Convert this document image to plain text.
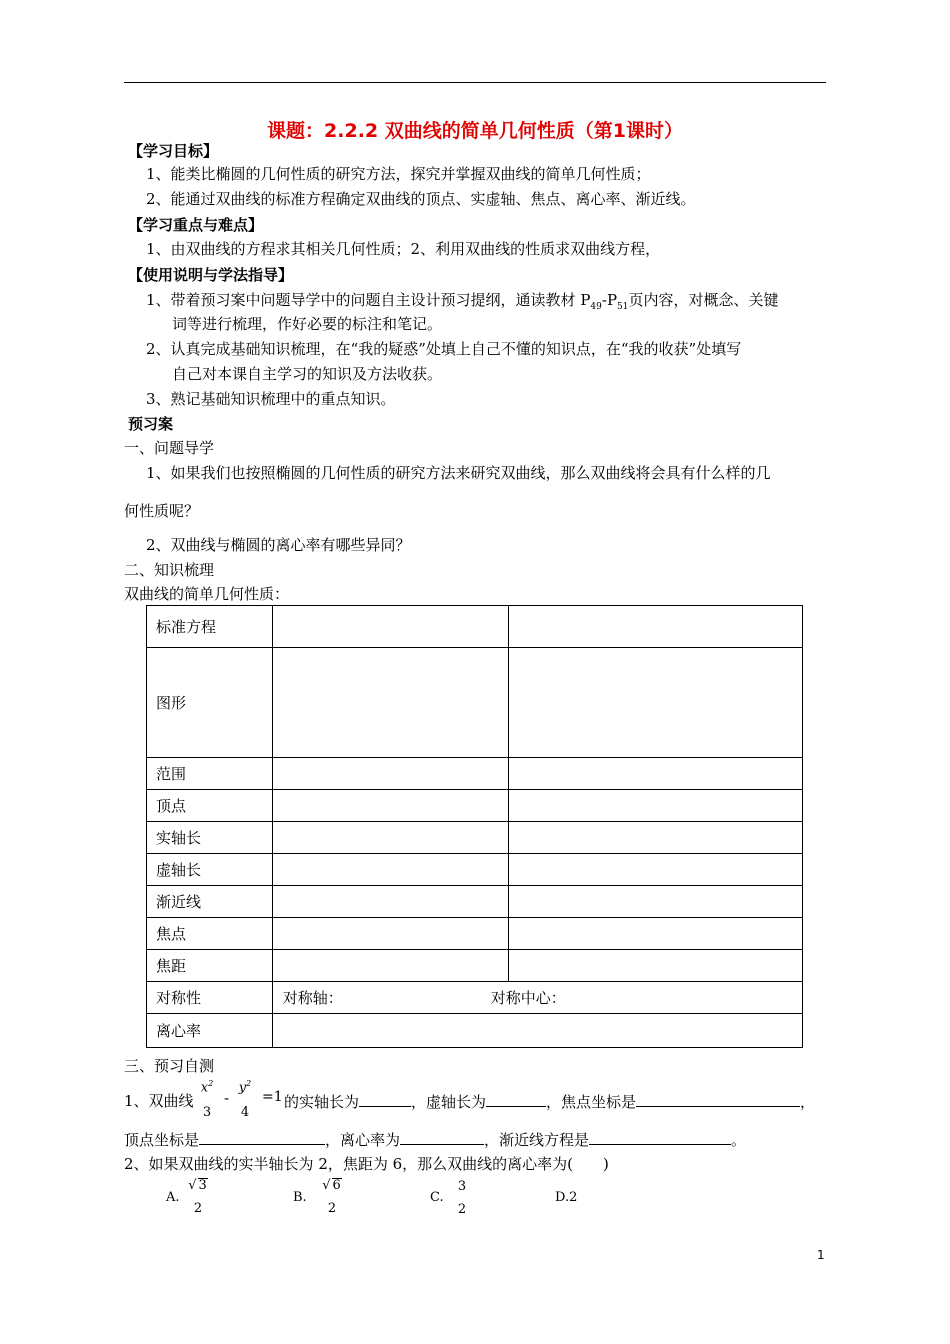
课题：2.2.2 双曲线的简单几何性质（第1课时）
【学习目标】
1、能类比椭圆的几何性质的研究方法，探究并掌握双曲线的简单几何性质；
2、能通过双曲线的标准方程确定双曲线的顶点、实虚轴、焦点、离心率、渐近线。
【学习重点与难点】
1、由双曲线的方程求其相关几何性质；2、利用双曲线的性质求双曲线方程，
【使用说明与学法指导】
1、带着预习案中问题导学中的问题自主设计预习提纲，通读教材 $P_{49}-P_{51}$页内容，对概念、关键
词等进行梳理，作好必要的标注和笔记。
2、认真完成基础知识梳理，在“我的疑惑”处填上自己不懂的知识点，在“我的收获”处填写
自己对本课自主学习的知识及方法收获。
3、熟记基础知识梳理中的重点知识。
预习案
一、问题导学
1、如果我们也按照椭圆的几何性质的研究方法来研究双曲线，那么双曲线将会具有什么样的几
何性质呢？
2、双曲线与椭圆的离心率有哪些异同？
二、知识梳理
双曲线的简单几何性质：
标准方程		
图形		
范围		
顶点		
实轴长		
虚轴长		
渐近线		
焦点		
焦距		
对称性	对称轴： 对称中心：	
离心率		
三、预习自测
1、双曲线
$x^2$
3
-
$y^2$
4
=1 的实轴长为	，虚轴长为	，焦点坐标是	，
顶点坐标是	，离心率为	，渐近线方程是	。
2、如果双曲线的实半轴长为 2，焦距为 6，那么双曲线的离心率为(　　)
A.
√ 3
2
B.
√ 6
2
C.
3
2
D.2
1
